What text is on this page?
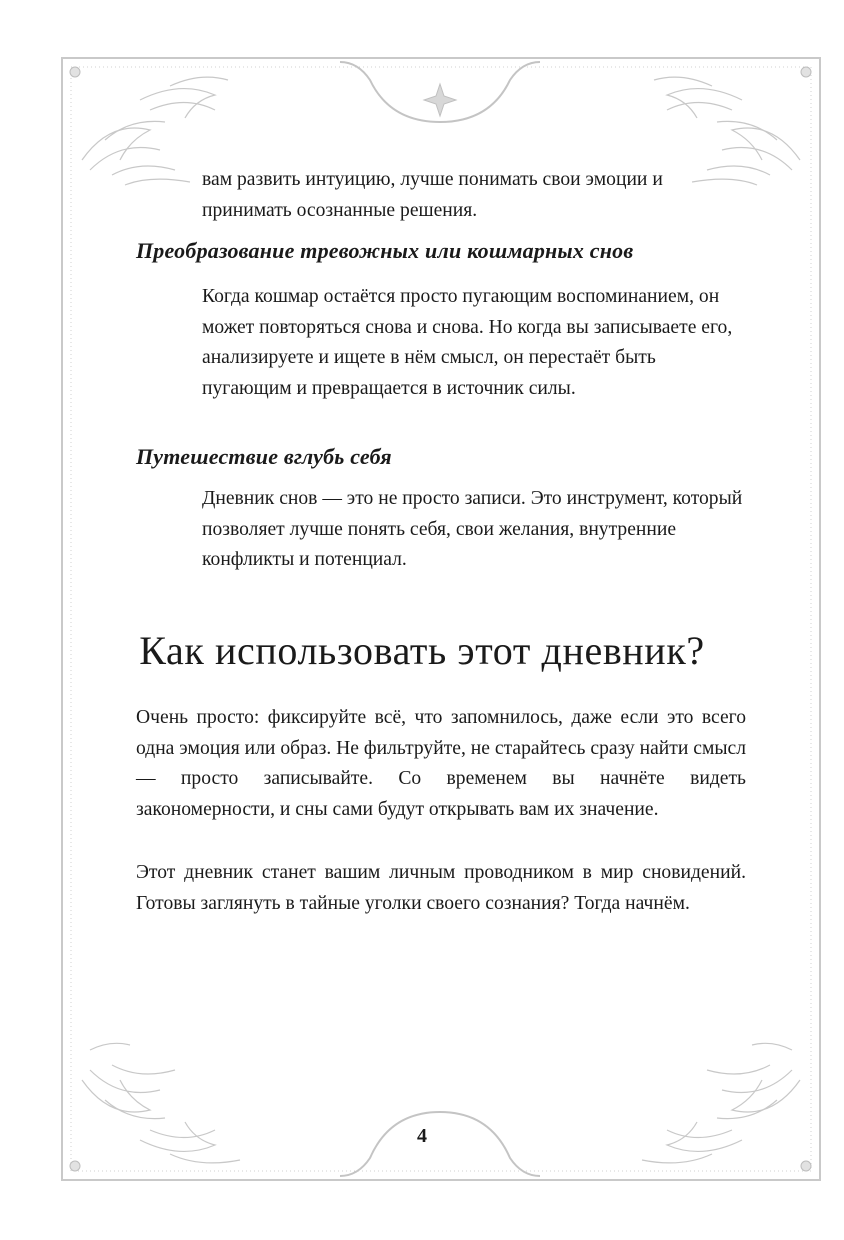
вам развить интуицию, лучше понимать свои эмоции и принимать осознанные решения.

Преобразование тревожных или кошмарных снов

Когда кошмар остаётся просто пугающим воспоминанием, он может повторяться снова и снова. Но когда вы записываете его, анализируете и ищете в нём смысл, он перестаёт быть пугающим и превращается в источник силы.

Путешествие вглубь себя

Дневник снов — это не просто записи. Это инструмент, который позволяет лучше понять себя, свои желания, внутренние конфликты и потенциал.

Как использовать этот дневник?

Очень просто: фиксируйте всё, что запомнилось, даже если это всего одна эмоция или образ. Не фильтруйте, не старайтесь сразу найти смысл — просто записывайте. Со временем вы начнёте видеть закономерности, и сны сами будут открывать вам их значение.

Этот дневник станет вашим личным проводником в мир сновидений. Готовы заглянуть в тайные уголки своего сознания? Тогда начнём.

4
